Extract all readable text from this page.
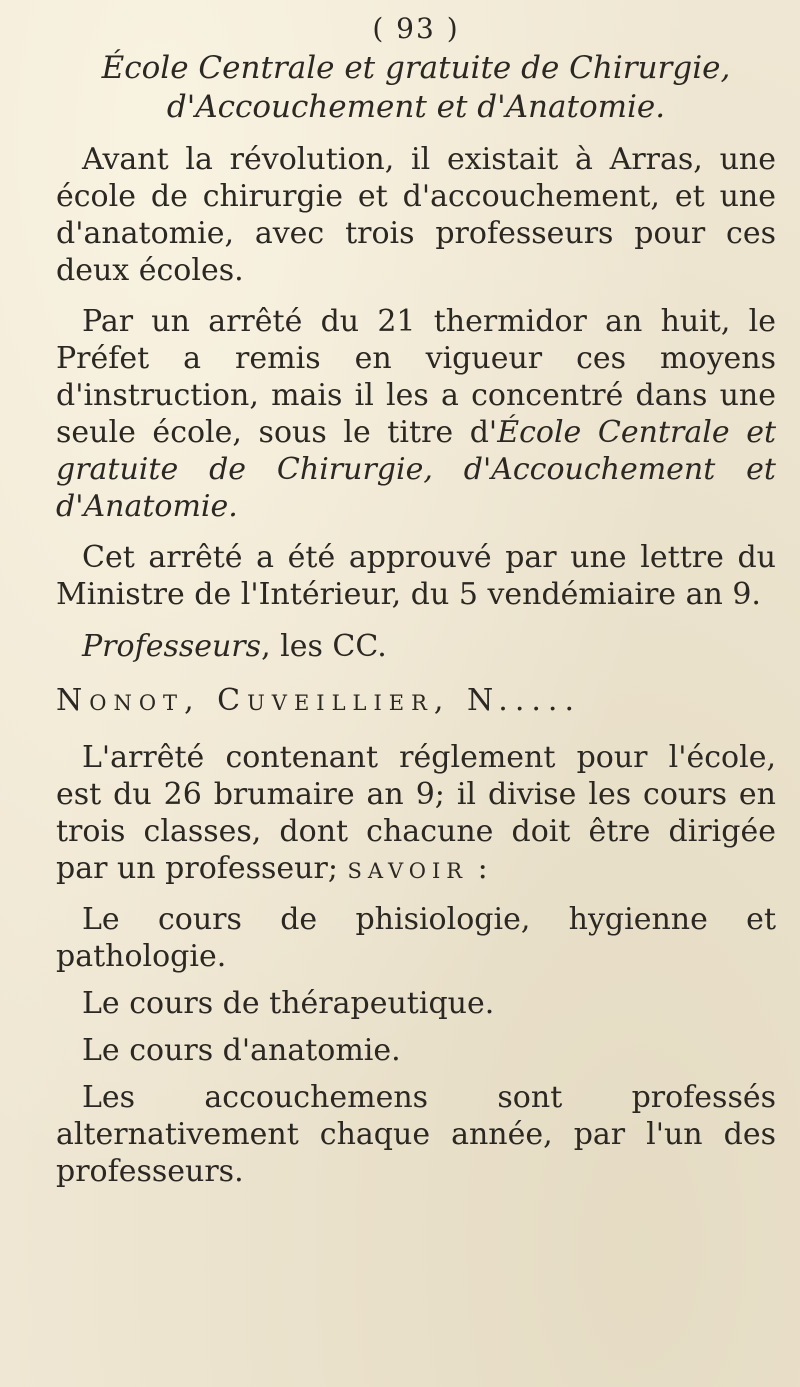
( 93 )
École Centrale et gratuite de Chirurgie,
d'Accouchement et d'Anatomie.

Avant la révolution, il existait à Arras, une école de chirurgie et d'accouchement, et une d'anatomie, avec trois professeurs pour ces deux écoles.

Par un arrêté du 21 thermidor an huit, le Préfet a remis en vigueur ces moyens d'instruction, mais il les a concentré dans une seule école, sous le titre d'École Centrale et gratuite de Chirurgie, d'Accouchement et d'Anatomie.

Cet arrêté a été approuvé par une lettre du Ministre de l'Intérieur, du 5 vendémiaire an 9.

Professeurs, les CC.
Nonot, Cuveillier, N.....

L'arrêté contenant réglement pour l'école, est du 26 brumaire an 9; il divise les cours en trois classes, dont chacune doit être dirigée par un professeur; savoir :

Le cours de phisiologie, hygienne et pathologie.
Le cours de thérapeutique.
Le cours d'anatomie.

Les accouchemens sont professés alternativement chaque année, par l'un des professeurs.
